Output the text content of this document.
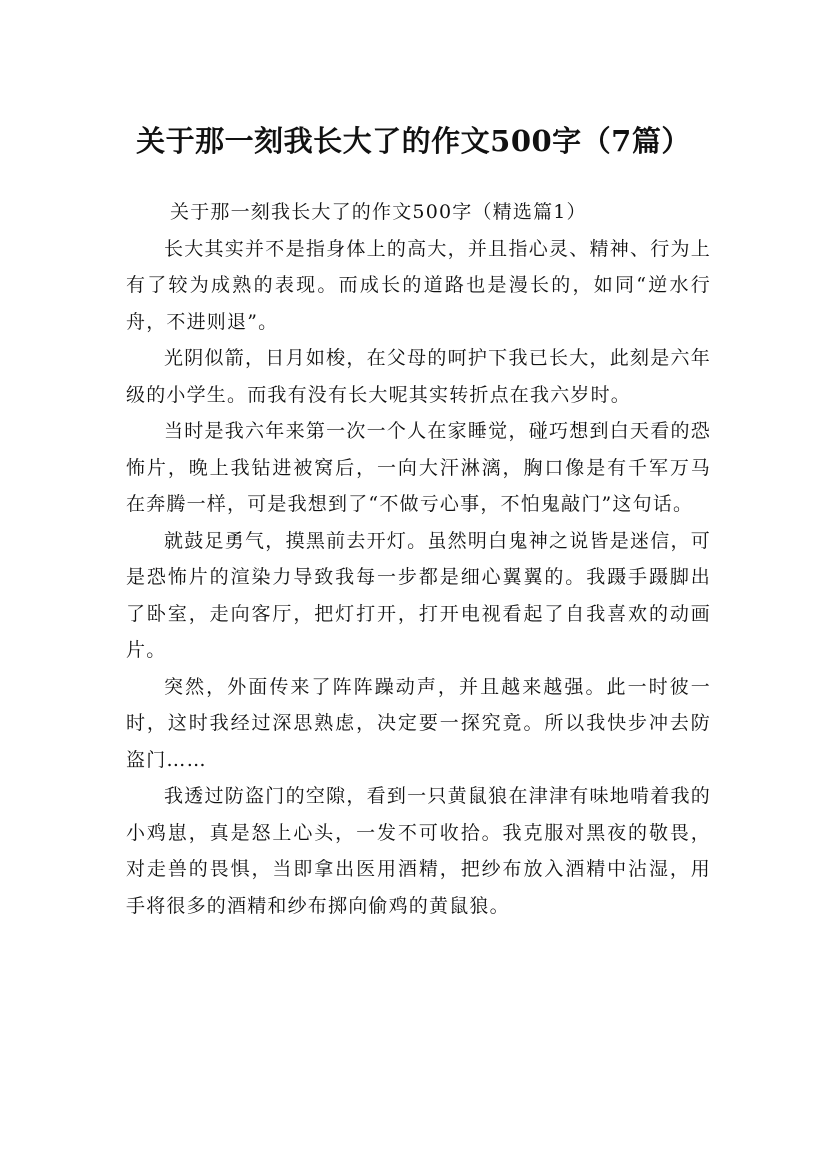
关于那一刻我长大了的作文500字（7篇）

关于那一刻我长大了的作文500字（精选篇1）

长大其实并不是指身体上的高大，并且指心灵、精神、行为上有了较为成熟的表现。而成长的道路也是漫长的，如同“逆水行舟，不进则退”。

光阴似箭，日月如梭，在父母的呵护下我已长大，此刻是六年级的小学生。而我有没有长大呢其实转折点在我六岁时。

当时是我六年来第一次一个人在家睡觉，碰巧想到白天看的恐怖片，晚上我钻进被窝后，一向大汗淋漓，胸口像是有千军万马在奔腾一样，可是我想到了“不做亏心事，不怕鬼敲门”这句话。

就鼓足勇气，摸黑前去开灯。虽然明白鬼神之说皆是迷信，可是恐怖片的渲染力导致我每一步都是细心翼翼的。我蹑手蹑脚出了卧室，走向客厅，把灯打开，打开电视看起了自我喜欢的动画片。

突然，外面传来了阵阵躁动声，并且越来越强。此一时彼一时，这时我经过深思熟虑，决定要一探究竟。所以我快步冲去防盗门……

我透过防盗门的空隙，看到一只黄鼠狼在津津有味地啃着我的小鸡崽，真是怒上心头，一发不可收拾。我克服对黑夜的敬畏，对走兽的畏惧，当即拿出医用酒精，把纱布放入酒精中沾湿，用手将很多的酒精和纱布掷向偷鸡的黄鼠狼。
